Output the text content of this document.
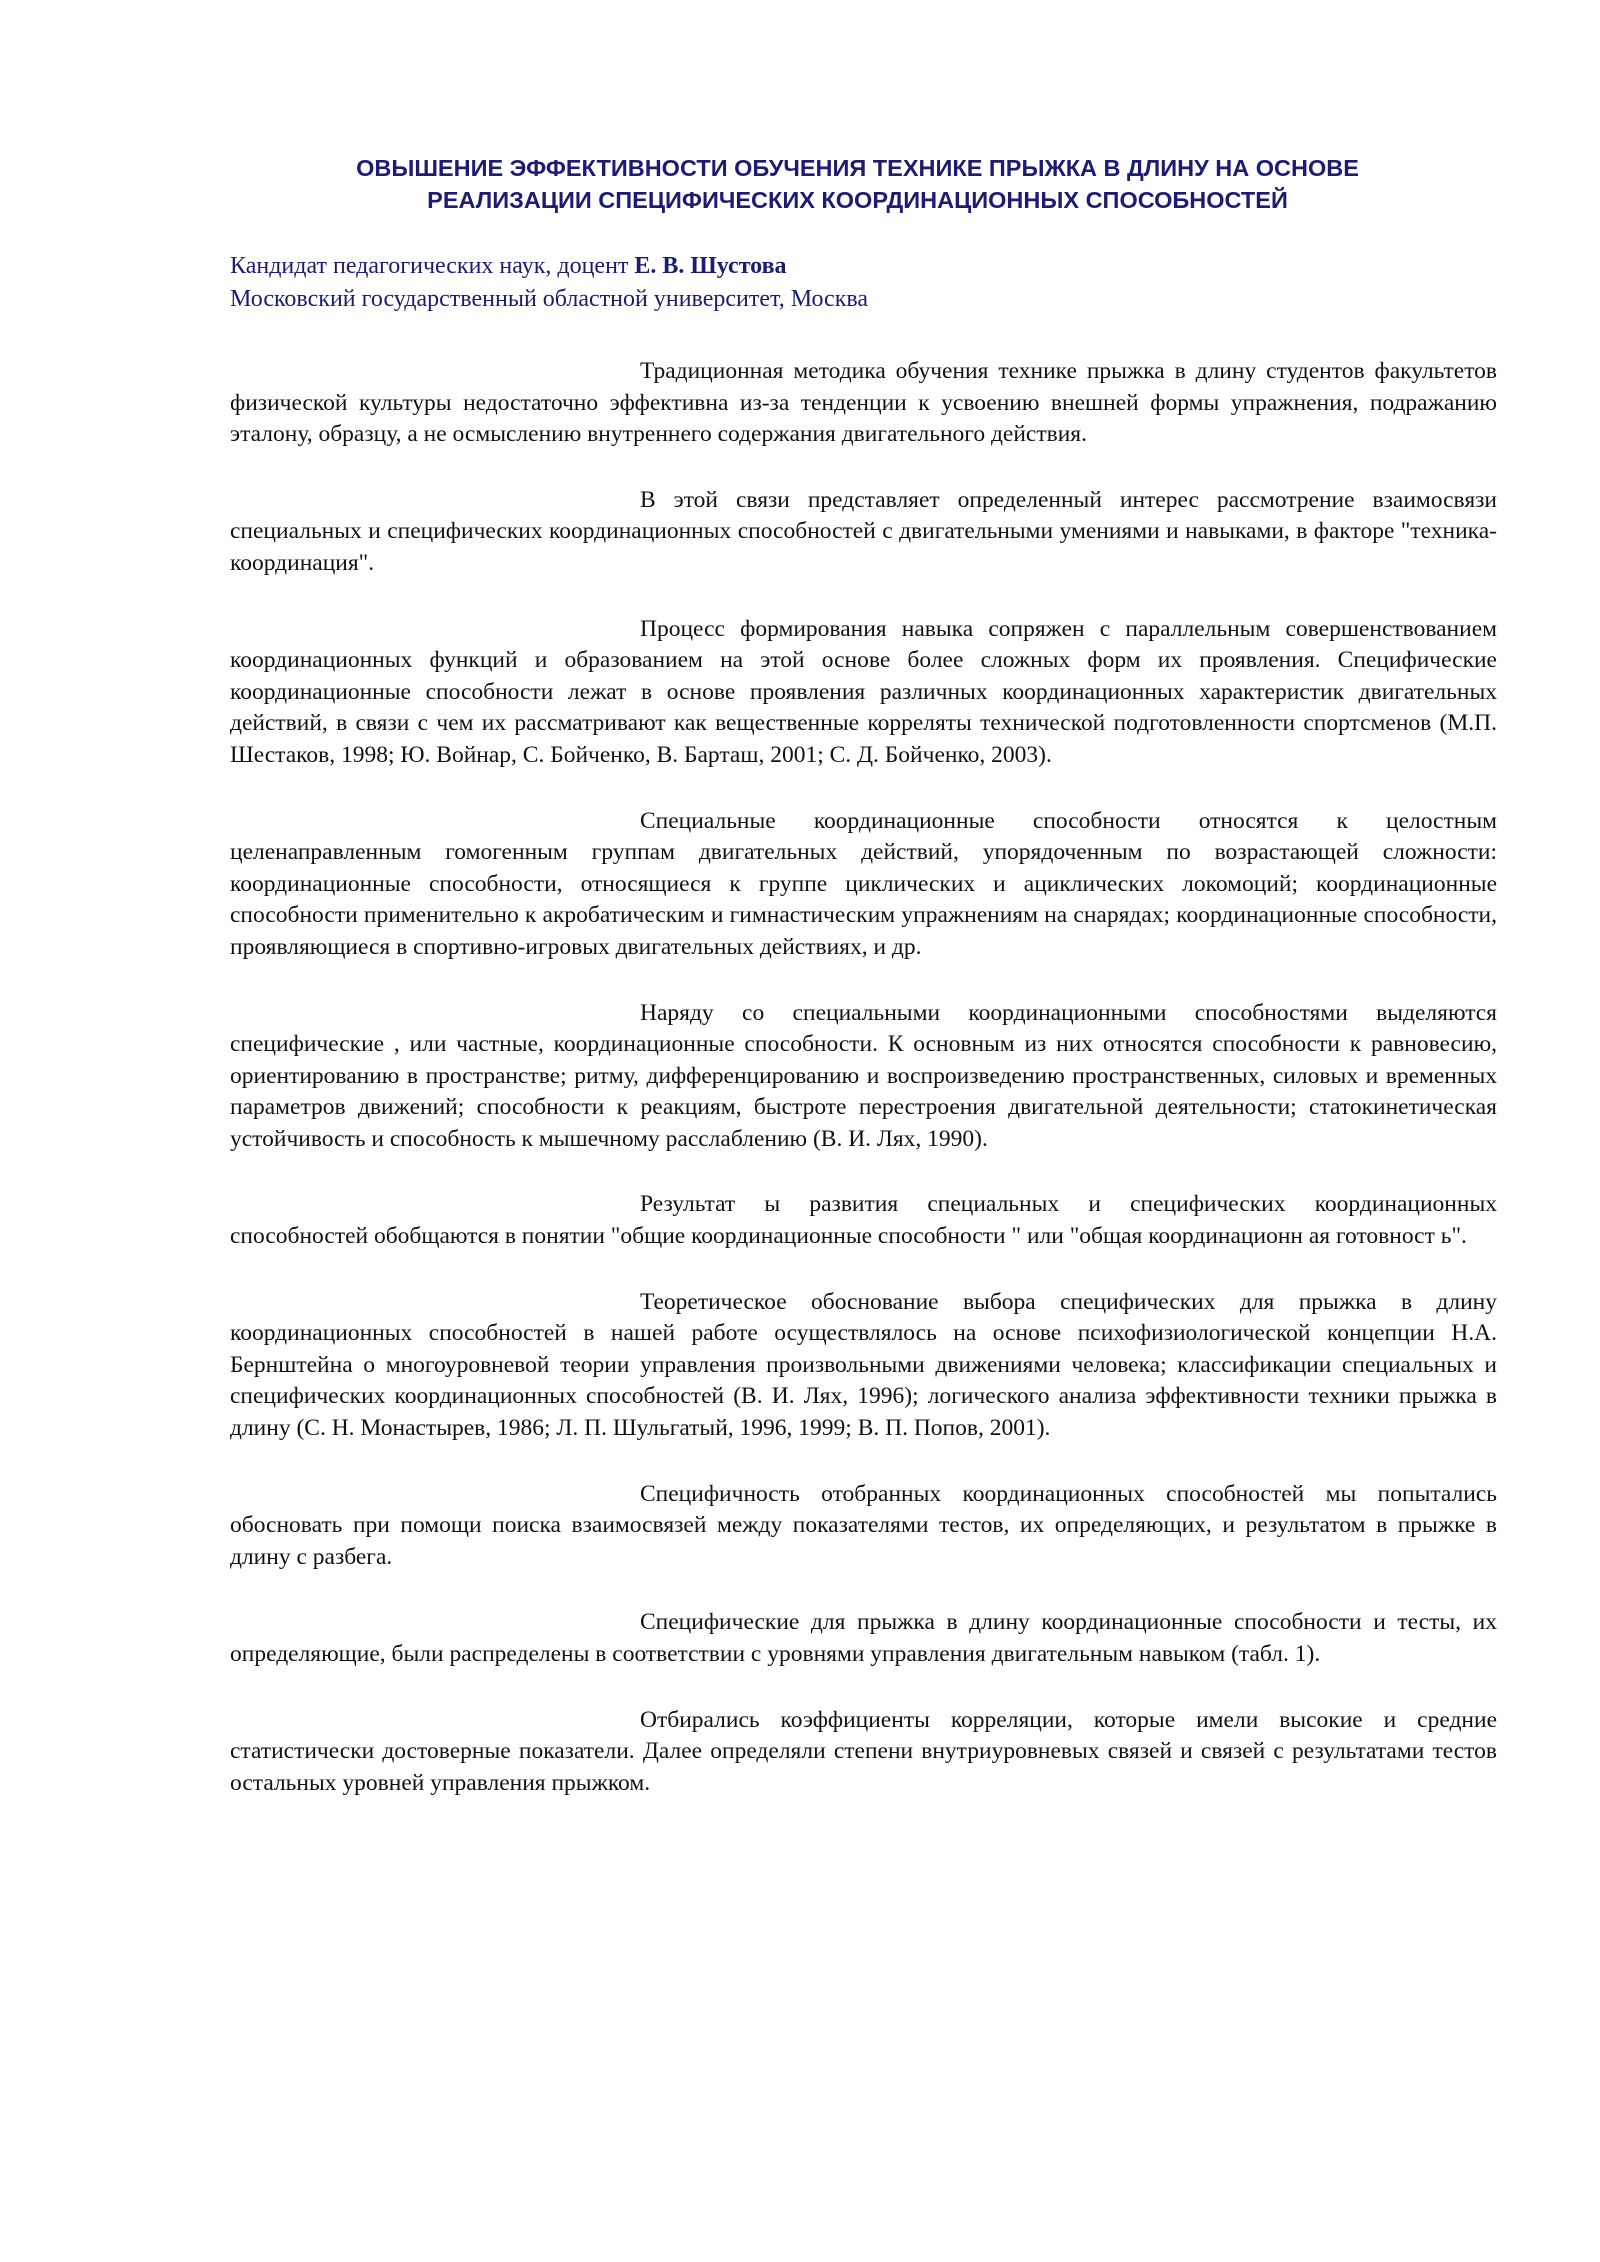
ОВЫШЕНИЕ ЭФФЕКТИВНОСТИ ОБУЧЕНИЯ ТЕХНИКЕ ПРЫЖКА В ДЛИНУ НА ОСНОВЕ
РЕАЛИЗАЦИИ СПЕЦИФИЧЕСКИХ КООРДИНАЦИОННЫХ СПОСОБНОСТЕЙ
Кандидат педагогических наук, доцент Е. В. Шустова
Московский государственный областной университет, Москва

Традиционная методика обучения технике прыжка в длину студентов факультетов физической культуры недостаточно эффективна из-за тенденции к усвоению внешней формы упражнения, подражанию эталону, образцу, а не осмыслению внутреннего содержания двигательного действия.

В этой связи представляет определенный интерес рассмотрение взаимосвязи специальных и специфических координационных способностей с двигательными умениями и навыками, в факторе "техника-координация".

Процесс формирования навыка сопряжен с параллельным совершенствованием координационных функций и образованием на этой основе более сложных форм их проявления. Специфические координационные способности лежат в основе проявления различных координационных характеристик двигательных действий, в связи с чем их рассматривают как вещественные корреляты технической подготовленности спортсменов (М.П. Шестаков, 1998; Ю. Войнар, С. Бойченко, В. Барташ, 2001; С. Д. Бойченко, 2003).

Специальные координационные способности относятся к целостным целенаправленным гомогенным группам двигательных действий, упорядоченным по возрастающей сложности: координационные способности, относящиеся к группе циклических и ациклических локомоций; координационные способности применительно к акробатическим и гимнастическим упражнениям на снарядах; координационные способности, проявляющиеся в спортивно-игровых двигательных действиях, и др.

Наряду со специальными координационными способностями выделяются специфические , или частные, координационные способности. К основным из них относятся способности к равновесию, ориентированию в пространстве; ритму, дифференцированию и воспроизведению пространственных, силовых и временных параметров движений; способности к реакциям, быстроте перестроения двигательной деятельности; статокинетическая устойчивость и способность к мышечному расслаблению (В. И. Лях, 1990).

Результат ы развития специальных и специфических координационных способностей обобщаются в понятии "общие координационные способности " или "общая координационн ая готовност ь".

Теоретическое обоснование выбора специфических для прыжка в длину координационных способностей в нашей работе осуществлялось на основе психофизиологической концепции Н.А. Бернштейна о многоуровневой теории управления произвольными движениями человека; классификации специальных и специфических координационных способностей (В. И. Лях, 1996); логического анализа эффективности техники прыжка в длину (С. Н. Монастырев, 1986; Л. П. Шульгатый, 1996, 1999; В. П. Попов, 2001).

Специфичность отобранных координационных способностей мы попытались обосновать при помощи поиска взаимосвязей между показателями тестов, их определяющих, и результатом в прыжке в длину с разбега.

Специфические для прыжка в длину координационные способности и тесты, их определяющие, были распределены в соответствии с уровнями управления двигательным навыком (табл. 1).

Отбирались коэффициенты корреляции, которые имели высокие и средние статистически достоверные показатели. Далее определяли степени внутриуровневых связей и связей с результатами тестов остальных уровней управления прыжком.
